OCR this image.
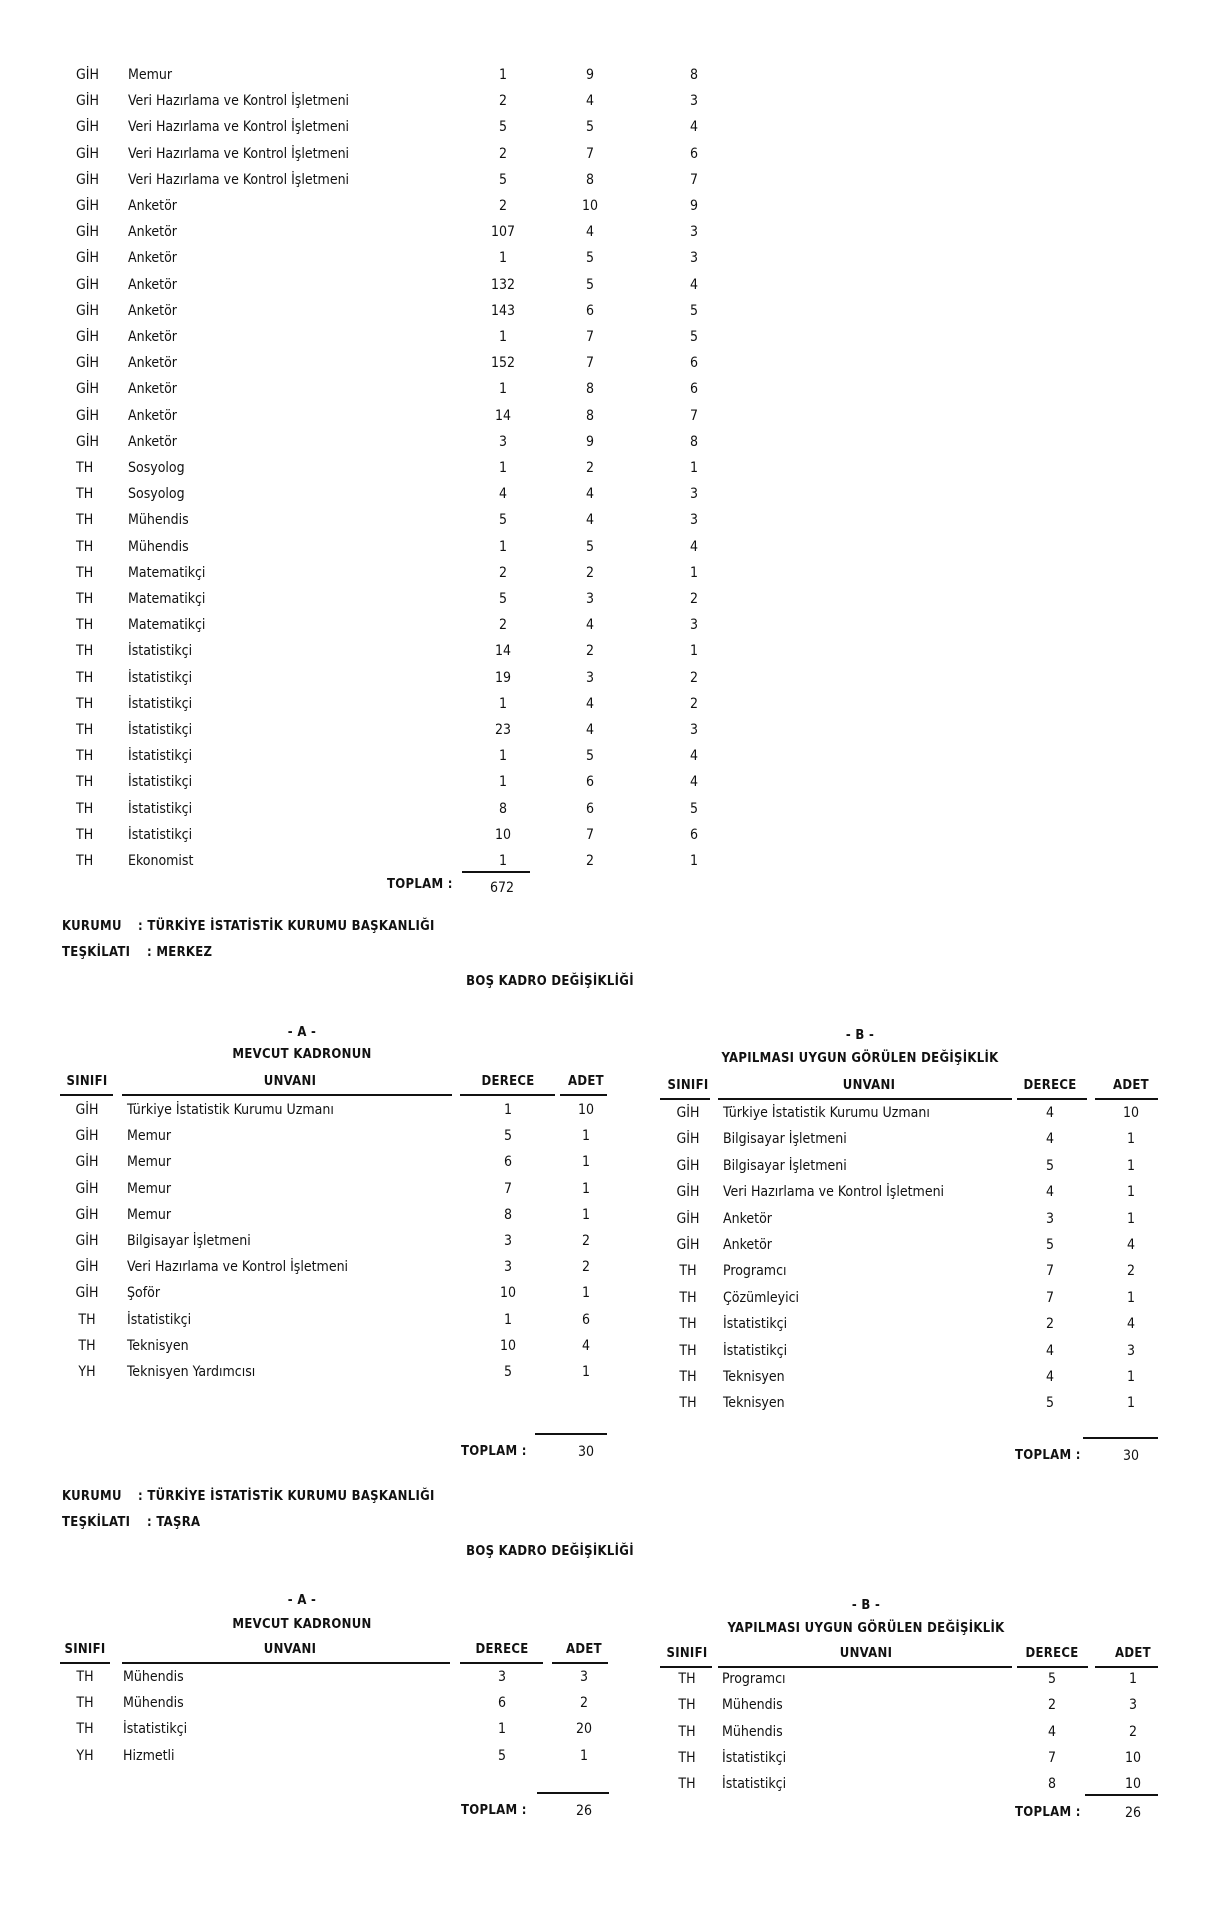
GİH Memur	1	9	8
GİH Veri Hazırlama ve Kontrol İşletmeni	2	4	3
GİH Veri Hazırlama ve Kontrol İşletmeni	5	5	4
GİH Veri Hazırlama ve Kontrol İşletmeni	2	7	6
GİH Veri Hazırlama ve Kontrol İşletmeni	5	8	7
GİH Anketör	2	10	9
GİH Anketör	107	4	3
GİH Anketör	1	5	3
GİH Anketör	132	5	4
GİH Anketör	143	6	5
GİH Anketör	1	7	5
GİH Anketör	152	7	6
GİH Anketör	1	8	6
GİH Anketör	14	8	7
GİH Anketör	3	9	8
TH Sosyolog	1	2	1
TH Sosyolog	4	4	3
TH Mühendis	5	4	3
TH Mühendis	1	5	4
TH Matematikçi	2	2	1
TH Matematikçi	5	3	2
TH Matematikçi	2	4	3
TH İstatistikçi	14	2	1
TH İstatistikçi	19	3	2
TH İstatistikçi	1	4	2
TH İstatistikçi	23	4	3
TH İstatistikçi	1	5	4
TH İstatistikçi	1	6	4
TH İstatistikçi	8	6	5
TH İstatistikçi	10	7	6
TH Ekonomist	1	2	1
TOPLAM :	672
KURUMU : TÜRKİYE İSTATİSTİK KURUMU BAŞKANLIĞI
TEŞKİLATI : MERKEZ
BOŞ KADRO DEĞİŞİKLİĞİ
- A -
MEVCUT KADRONUN
SINIFI	UNVANI	DERECE	ADET
GİH Türkiye İstatistik Kurumu Uzmanı	1	10
GİH Memur	5	1
GİH Memur	6	1
GİH Memur	7	1
GİH Memur	8	1
GİH Bilgisayar İşletmeni	3	2
GİH Veri Hazırlama ve Kontrol İşletmeni	3	2
GİH Şoför	10	1
TH İstatistikçi	1	6
TH Teknisyen	10	4
YH Teknisyen Yardımcısı	5	1
TOPLAM :	30
- B -
YAPILMASI UYGUN GÖRÜLEN DEĞİŞİKLİK
SINIFI	UNVANI	DERECE	ADET
GİH Türkiye İstatistik Kurumu Uzmanı	4	10
GİH Bilgisayar İşletmeni	4	1
GİH Bilgisayar İşletmeni	5	1
GİH Veri Hazırlama ve Kontrol İşletmeni	4	1
GİH Anketör	3	1
GİH Anketör	5	4
TH Programcı	7	2
TH Çözümleyici	7	1
TH İstatistikçi	2	4
TH İstatistikçi	4	3
TH Teknisyen	4	1
TH Teknisyen	5	1
TOPLAM :	30
KURUMU : TÜRKİYE İSTATİSTİK KURUMU BAŞKANLIĞI
TEŞKİLATI : TAŞRA
BOŞ KADRO DEĞİŞİKLİĞİ
- A -
MEVCUT KADRONUN
SINIFI	UNVANI	DERECE	ADET
TH Mühendis	3	3
TH Mühendis	6	2
TH İstatistikçi	1	20
YH Hizmetli	5	1
TOPLAM :	26
- B -
YAPILMASI UYGUN GÖRÜLEN DEĞİŞİKLİK
SINIFI	UNVANI	DERECE	ADET
TH Programcı	5	1
TH Mühendis	2	3
TH Mühendis	4	2
TH İstatistikçi	7	10
TH İstatistikçi	8	10
TOPLAM :	26
